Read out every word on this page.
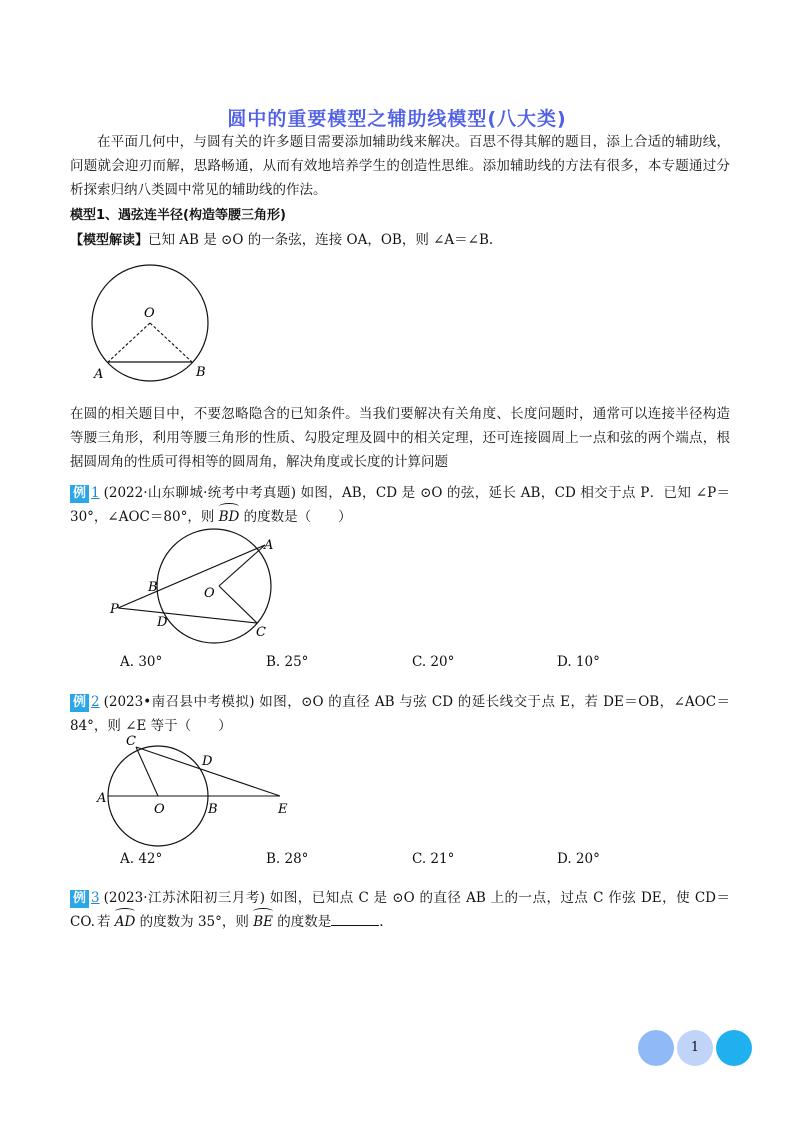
圆中的重要模型之辅助线模型(八大类)

在平面几何中，与圆有关的许多题目需要添加辅助线来解决。百思不得其解的题目，添上合适的辅助线，问题就会迎刃而解，思路畅通，从而有效地培养学生的创造性思维。添加辅助线的方法有很多，本专题通过分析探索归纳八类圆中常见的辅助线的作法。

模型1、遇弦连半径(构造等腰三角形)

【模型解读】已知 AB 是 ⊙O 的一条弦，连接 OA，OB，则 ∠A＝∠B.

O
A	B

在圆的相关题目中，不要忽略隐含的已知条件。当我们要解决有关角度、长度问题时，通常可以连接半径构造等腰三角形，利用等腰三角形的性质、勾股定理及圆中的相关定理，还可连接圆周上一点和弦的两个端点，根据圆周角的性质可得相等的圆周角，解决角度或长度的计算问题

例 1 (2022·山东聊城·统考中考真题) 如图，AB，CD 是 ⊙O 的弦，延长 AB，CD 相交于点 P．已知 ∠P＝30°，∠AOC＝80°，则 BD 的度数是（　　）

A
B	O
P
D
C
A. 30°	B. 25°	C. 20°	D. 10°

例 2 (2023•南召县中考模拟) 如图，⊙O 的直径 AB 与弦 CD 的延长线交于点 E，若 DE＝OB，∠AOC＝84°，则 ∠E 等于（　　）

C
D
A
O	B	E
A. 42°	B. 28°	C. 21°	D. 20°

例 3 (2023·江苏沭阳初三月考) 如图，已知点 C 是 ⊙O 的直径 AB 上的一点，过点 C 作弦 DE，使 CD＝CO. 若 AD 的度数为 35°，则 BE 的度数是	.

1
